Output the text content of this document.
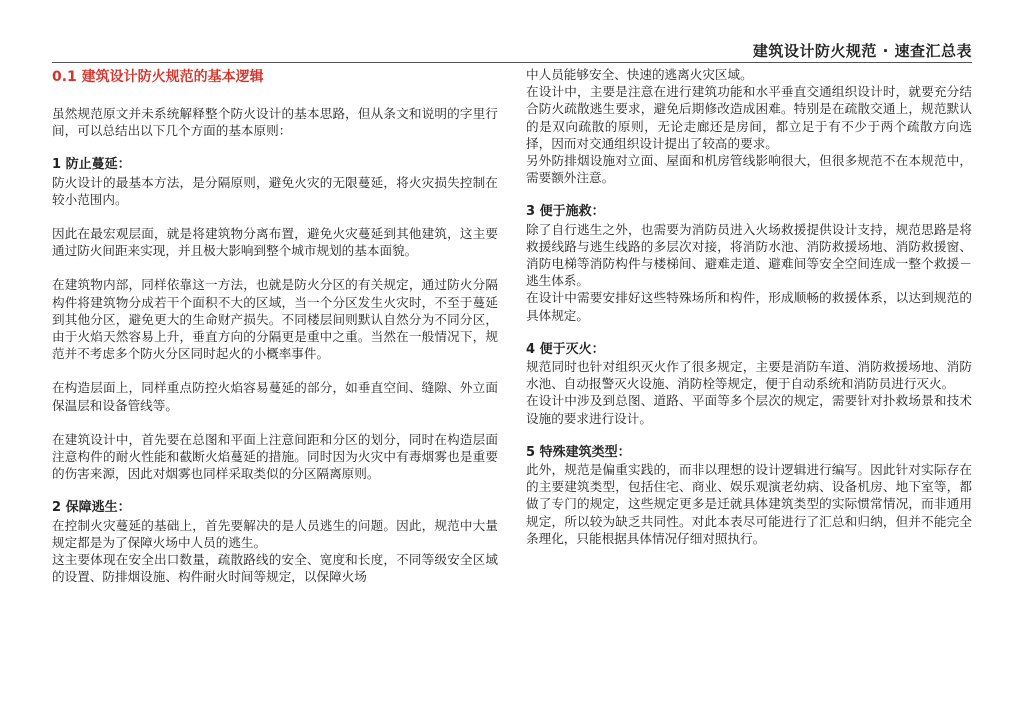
建筑设计防火规范 · 速查汇总表
0.1 建筑设计防火规范的基本逻辑

虽然规范原文并未系统解释整个防火设计的基本思路，但从条文和说明的字里行间，可以总结出以下几个方面的基本原则：

1 防止蔓延：

防火设计的最基本方法，是分隔原则，避免火灾的无限蔓延，将火灾损失控制在较小范围内。

因此在最宏观层面，就是将建筑物分离布置，避免火灾蔓延到其他建筑，这主要通过防火间距来实现，并且极大影响到整个城市规划的基本面貌。

在建筑物内部，同样依靠这一方法，也就是防火分区的有关规定，通过防火分隔构件将建筑物分成若干个面积不大的区域，当一个分区发生火灾时，不至于蔓延到其他分区，避免更大的生命财产损失。不同楼层间则默认自然分为不同分区，由于火焰天然容易上升，垂直方向的分隔更是重中之重。当然在一般情况下，规范并不考虑多个防火分区同时起火的小概率事件。

在构造层面上，同样重点防控火焰容易蔓延的部分，如垂直空间、缝隙、外立面保温层和设备管线等。

在建筑设计中，首先要在总图和平面上注意间距和分区的划分，同时在构造层面注意构件的耐火性能和截断火焰蔓延的措施。同时因为火灾中有毒烟雾也是重要的伤害来源，因此对烟雾也同样采取类似的分区隔离原则。

2 保障逃生：

在控制火灾蔓延的基础上，首先要解决的是人员逃生的问题。因此，规范中大量规定都是为了保障火场中人员的逃生。

这主要体现在安全出口数量，疏散路线的安全、宽度和长度，不同等级安全区域的设置、防排烟设施、构件耐火时间等规定，以保障火场

中人员能够安全、快速的逃离火灾区域。

在设计中，主要是注意在进行建筑功能和水平垂直交通组织设计时，就要充分结合防火疏散逃生要求，避免后期修改造成困难。特别是在疏散交通上，规范默认的是双向疏散的原则，无论走廊还是房间，都立足于有不少于两个疏散方向选择，因而对交通组织设计提出了较高的要求。

另外防排烟设施对立面、屋面和机房管线影响很大，但很多规范不在本规范中，需要额外注意。

3 便于施救：

除了自行逃生之外，也需要为消防员进入火场救援提供设计支持，规范思路是将救援线路与逃生线路的多层次对接，将消防水池、消防救援场地、消防救援窗、消防电梯等消防构件与楼梯间、避难走道、避难间等安全空间连成一整个救援－逃生体系。

在设计中需要安排好这些特殊场所和构件，形成顺畅的救援体系，以达到规范的具体规定。

4 便于灭火：

规范同时也针对组织灭火作了很多规定，主要是消防车道、消防救援场地、消防水池、自动报警灭火设施、消防栓等规定，便于自动系统和消防员进行灭火。

在设计中涉及到总图、道路、平面等多个层次的规定，需要针对扑救场景和技术设施的要求进行设计。

5 特殊建筑类型：

此外，规范是偏重实践的，而非以理想的设计逻辑进行编写。因此针对实际存在的主要建筑类型，包括住宅、商业、娱乐观演老幼病、设备机房、地下室等，都做了专门的规定，这些规定更多是迁就具体建筑类型的实际惯常情况，而非通用规定，所以较为缺乏共同性。对此本表尽可能进行了汇总和归纳，但并不能完全条理化，只能根据具体情况仔细对照执行。
